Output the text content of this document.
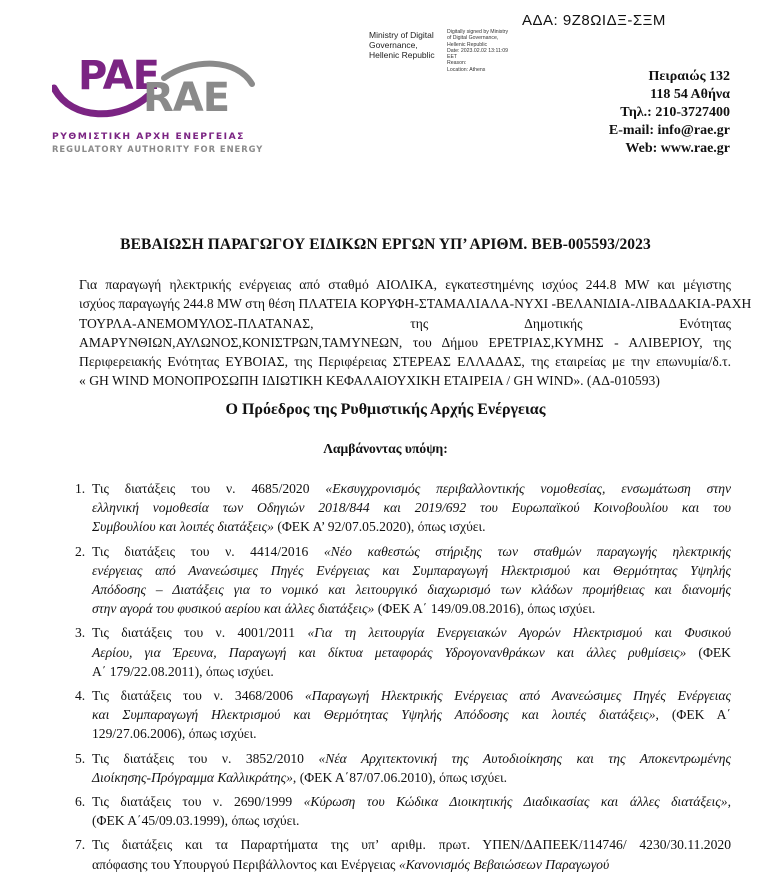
ΑΔΑ: 9Ζ8ΩΙΔΞ-ΣΞΜ
Ministry of Digital Governance, Hellenic Republic
Digitally signed by Ministry
of Digital Governance,
Hellenic Republic
Date: 2023.02.02 13:11:09
EET
Reason:
Location: Athens
PAE
RAE
ΡΥΘΜΙΣΤΙΚΗ ΑΡΧΗ ΕΝΕΡΓΕΙΑΣ
REGULATORY AUTHORITY FOR ENERGY
Πειραιώς 132
118 54 Αθήνα
Τηλ.: 210-3727400
E-mail: info@rae.gr
Web: www.rae.gr
ΒΕΒΑΙΩΣΗ ΠΑΡΑΓΩΓΟΥ ΕΙΔΙΚΩΝ ΕΡΓΩΝ ΥΠ’ ΑΡΙΘΜ. ΒΕΒ-005593/2023
Για παραγωγή ηλεκτρικής ενέργειας από σταθμό ΑΙΟΛΙΚΑ, εγκατεστημένης ισχύος 244.8 MW και μέγιστης
ισχύος παραγωγής 244.8 MW στη θέση ΠΛΑΤΕΙΑ ΚΟΡΥΦΗ-ΣΤΑΜΑΛΙΑΛΑ-ΝΥΧΙ -ΒΕΛΑΝΙΔΙΑ-ΛΙΒΑΔΑΚΙΑ-ΡΑΧΗ
ΤΟΥΡΛΑ-ΑΝΕΜΟΜΥΛΟΣ-ΠΛΑΤΑΝΑΣ, της Δημοτικής Ενότητας
ΑΜΑΡΥΝΘΙΩΝ,ΑΥΛΩΝΟΣ,ΚΟΝΙΣΤΡΩΝ,ΤΑΜΥΝΕΩΝ, του Δήμου ΕΡΕΤΡΙΑΣ,ΚΥΜΗΣ - ΑΛΙΒΕΡΙΟΥ, της
Περιφερειακής Ενότητας ΕΥΒΟΙΑΣ, της Περιφέρειας ΣΤΕΡΕΑΣ ΕΛΛΑΔΑΣ, της εταιρείας με την επωνυμία/δ.τ.
« GH WIND ΜΟΝΟΠΡΟΣΩΠΗ ΙΔΙΩΤΙΚΗ ΚΕΦΑΛΑΙΟΥΧΙΚΗ ΕΤΑΙΡΕΙΑ / GH WIND». (ΑΔ-010593)
Ο Πρόεδρος της Ρυθμιστικής Αρχής Ενέργειας
Λαμβάνοντας υπόψη:
1. Τις διατάξεις του ν. 4685/2020 «Εκσυγχρονισμός περιβαλλοντικής νομοθεσίας, ενσωμάτωση στην
ελληνική νομοθεσία των Οδηγιών 2018/844 και 2019/692 του Ευρωπαϊκού Κοινοβουλίου και του
Συμβουλίου και λοιπές διατάξεις» (ΦΕΚ Α’ 92/07.05.2020), όπως ισχύει.
2. Τις διατάξεις του ν. 4414/2016 «Νέο καθεστώς στήριξης των σταθμών παραγωγής ηλεκτρικής
ενέργειας από Ανανεώσιμες Πηγές Ενέργειας και Συμπαραγωγή Ηλεκτρισμού και Θερμότητας Υψηλής
Απόδοσης – Διατάξεις για το νομικό και λειτουργικό διαχωρισμό των κλάδων προμήθειας και διανομής
στην αγορά του φυσικού αερίου και άλλες διατάξεις» (ΦΕΚ Α΄ 149/09.08.2016), όπως ισχύει.
3. Τις διατάξεις του ν. 4001/2011 «Για τη λειτουργία Ενεργειακών Αγορών Ηλεκτρισμού και Φυσικού
Αερίου, για Έρευνα, Παραγωγή και δίκτυα μεταφοράς Υδρογονανθράκων και άλλες ρυθμίσεις» (ΦΕΚ
Α΄ 179/22.08.2011), όπως ισχύει.
4. Τις διατάξεις του ν. 3468/2006 «Παραγωγή Ηλεκτρικής Ενέργειας από Ανανεώσιμες Πηγές Ενέργειας
και Συμπαραγωγή Ηλεκτρισμού και Θερμότητας Υψηλής Απόδοσης και λοιπές διατάξεις», (ΦΕΚ Α΄
129/27.06.2006), όπως ισχύει.
5. Τις διατάξεις του ν. 3852/2010 «Νέα Αρχιτεκτονική της Αυτοδιοίκησης και της Αποκεντρωμένης
Διοίκησης-Πρόγραμμα Καλλικράτης», (ΦΕΚ Α΄87/07.06.2010), όπως ισχύει.
6. Τις διατάξεις του ν. 2690/1999 «Κύρωση του Κώδικα Διοικητικής Διαδικασίας και άλλες διατάξεις»,
(ΦΕΚ Α΄45/09.03.1999), όπως ισχύει.
7. Τις διατάξεις και τα Παραρτήματα της υπ’ αριθμ. πρωτ. ΥΠΕΝ/ΔΑΠΕΕΚ/114746/ 4230/30.11.2020
απόφασης του Υπουργού Περιβάλλοντος και Ενέργειας «Κανονισμός Βεβαιώσεων Παραγωγού
